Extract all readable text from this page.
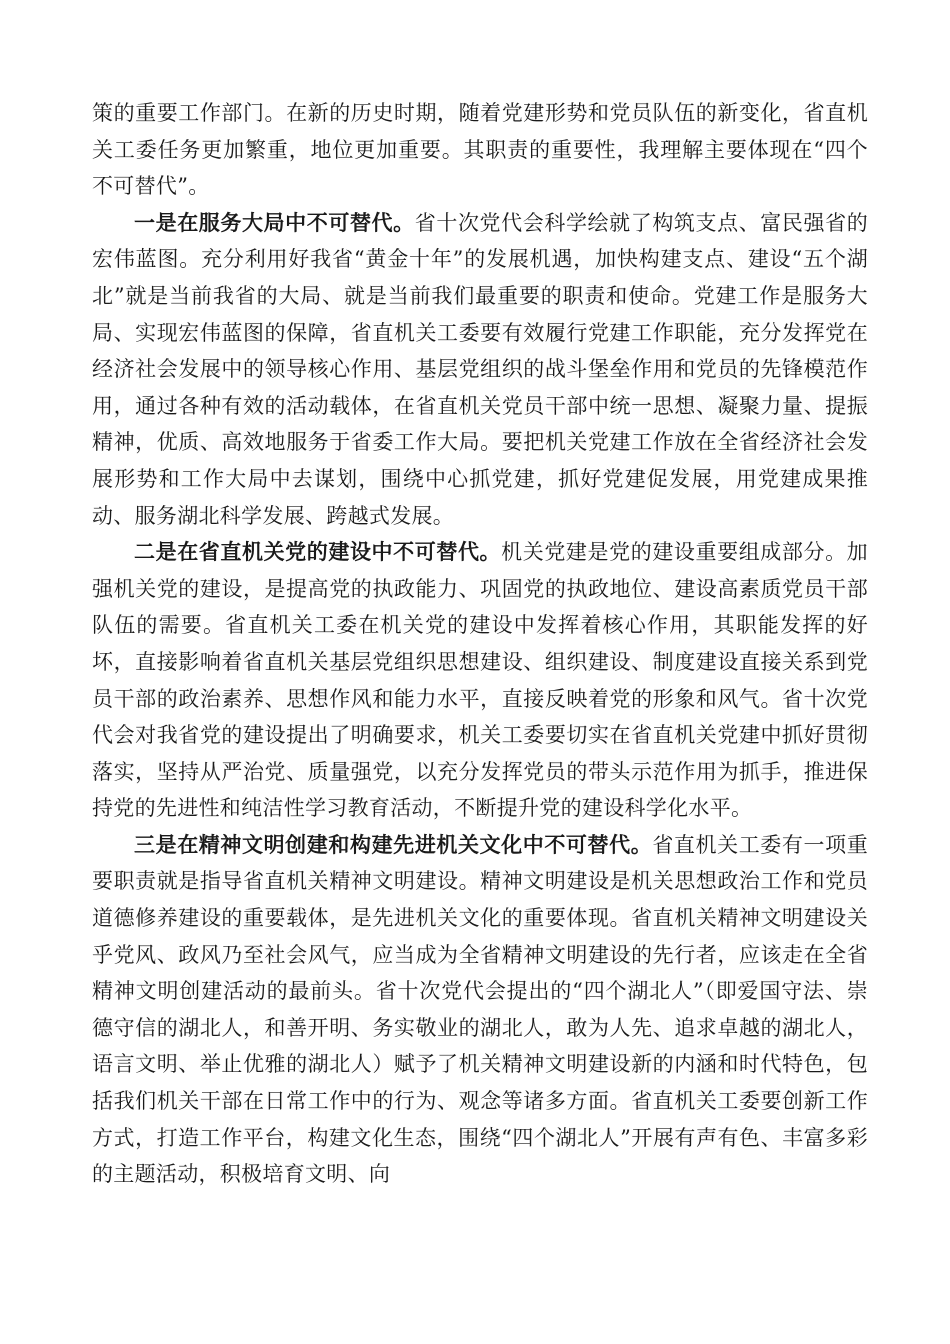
策的重要工作部门。在新的历史时期，随着党建形势和党员队伍的新变化，省直机关工委任务更加繁重，地位更加重要。其职责的重要性，我理解主要体现在“四个不可替代”。

一是在服务大局中不可替代。省十次党代会科学绘就了构筑支点、富民强省的宏伟蓝图。充分利用好我省“黄金十年”的发展机遇，加快构建支点、建设“五个湖北”就是当前我省的大局、就是当前我们最重要的职责和使命。党建工作是服务大局、实现宏伟蓝图的保障，省直机关工委要有效履行党建工作职能，充分发挥党在经济社会发展中的领导核心作用、基层党组织的战斗堡垒作用和党员的先锋模范作用，通过各种有效的活动载体，在省直机关党员干部中统一思想、凝聚力量、提振精神，优质、高效地服务于省委工作大局。要把机关党建工作放在全省经济社会发展形势和工作大局中去谋划，围绕中心抓党建，抓好党建促发展，用党建成果推动、服务湖北科学发展、跨越式发展。

二是在省直机关党的建设中不可替代。机关党建是党的建设重要组成部分。加强机关党的建设，是提高党的执政能力、巩固党的执政地位、建设高素质党员干部队伍的需要。省直机关工委在机关党的建设中发挥着核心作用，其职能发挥的好坏，直接影响着省直机关基层党组织思想建设、组织建设、制度建设直接关系到党员干部的政治素养、思想作风和能力水平，直接反映着党的形象和风气。省十次党代会对我省党的建设提出了明确要求，机关工委要切实在省直机关党建中抓好贯彻落实，坚持从严治党、质量强党，以充分发挥党员的带头示范作用为抓手，推进保持党的先进性和纯洁性学习教育活动，不断提升党的建设科学化水平。

三是在精神文明创建和构建先进机关文化中不可替代。省直机关工委有一项重要职责就是指导省直机关精神文明建设。精神文明建设是机关思想政治工作和党员道德修养建设的重要载体，是先进机关文化的重要体现。省直机关精神文明建设关乎党风、政风乃至社会风气，应当成为全省精神文明建设的先行者，应该走在全省精神文明创建活动的最前头。省十次党代会提出的“四个湖北人”（即爱国守法、崇德守信的湖北人，和善开明、务实敬业的湖北人，敢为人先、追求卓越的湖北人，语言文明、举止优雅的湖北人）赋予了机关精神文明建设新的内涵和时代特色，包括我们机关干部在日常工作中的行为、观念等诸多方面。省直机关工委要创新工作方式，打造工作平台，构建文化生态，围绕“四个湖北人”开展有声有色、丰富多彩的主题活动，积极培育文明、向
